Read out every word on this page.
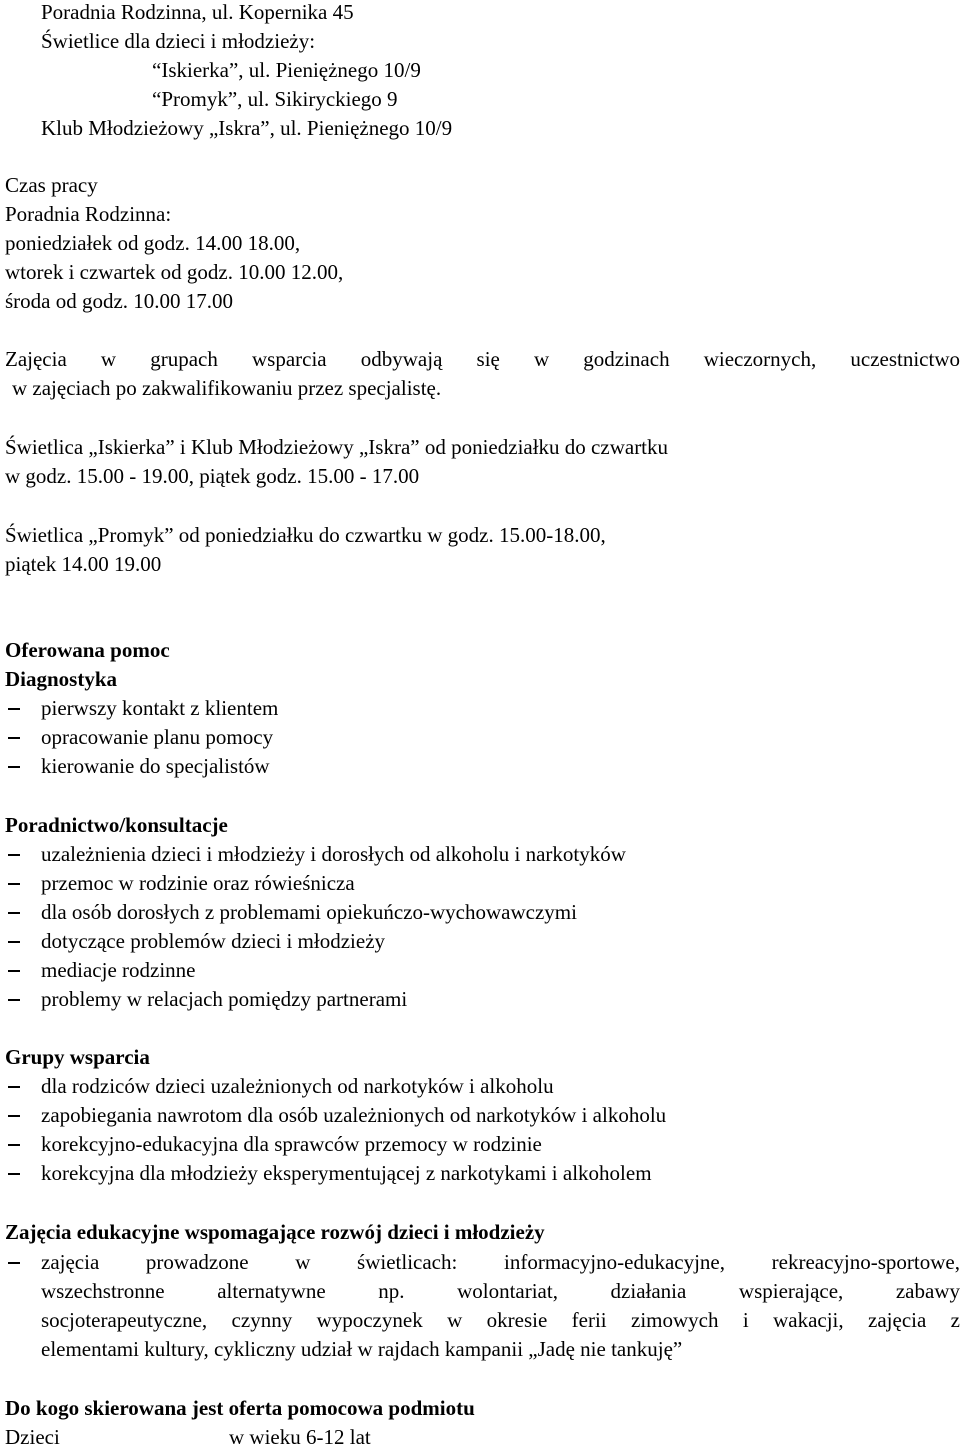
Poradnia Rodzinna, ul. Kopernika 45
Świetlice dla dzieci i młodzieży:
“Iskierka”, ul. Pieniężnego 10/9
“Promyk”, ul. Sikiryckiego 9
Klub Młodzieżowy „Iskra”, ul. Pieniężnego 10/9
Czas pracy
Poradnia Rodzinna:
poniedziałek od godz. 14.00 18.00,
wtorek i czwartek od godz. 10.00 12.00,
środa od godz. 10.00 17.00
Zajęcia w grupach wsparcia odbywają się w godzinach wieczornych, uczestnictwo
w zajęciach po zakwalifikowaniu przez specjalistę.
Świetlica „Iskierka” i Klub Młodzieżowy „Iskra” od poniedziałku do czwartku
w godz. 15.00 - 19.00, piątek godz. 15.00 - 17.00
Świetlica „Promyk” od poniedziałku do czwartku w godz. 15.00-18.00,
piątek 14.00 19.00
Oferowana pomoc
Diagnostyka
pierwszy kontakt z klientem
opracowanie planu pomocy
kierowanie do specjalistów
Poradnictwo/konsultacje
uzależnienia dzieci i młodzieży i dorosłych od alkoholu i narkotyków
przemoc w rodzinie oraz rówieśnicza
dla osób dorosłych z problemami opiekuńczo-wychowawczymi
dotyczące problemów dzieci i młodzieży
mediacje rodzinne
problemy w relacjach pomiędzy partnerami
Grupy wsparcia
dla rodziców dzieci uzależnionych od narkotyków i alkoholu
zapobiegania nawrotom dla osób uzależnionych od narkotyków i alkoholu
korekcyjno-edukacyjna dla sprawców przemocy w rodzinie
korekcyjna dla młodzieży eksperymentującej z narkotykami i alkoholem
Zajęcia edukacyjne wspomagające rozwój dzieci i młodzieży
zajęcia prowadzone w świetlicach: informacyjno-edukacyjne, rekreacyjno-sportowe,
wszechstronne alternatywne np. wolontariat, działania wspierające, zabawy
socjoterapeutyczne, czynny wypoczynek w okresie ferii zimowych i wakacji, zajęcia z
elementami kultury, cykliczny udział w rajdach kampanii „Jadę nie tankuję”
Do kogo skierowana jest oferta pomocowa podmiotu
Dzieci	w wieku 6-12 lat
